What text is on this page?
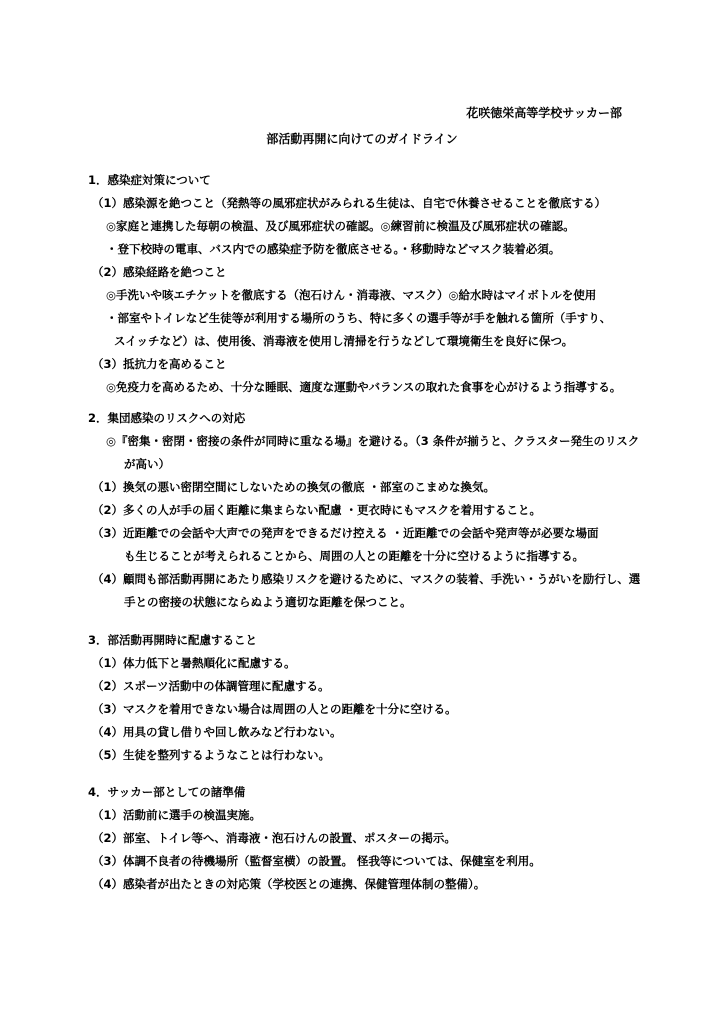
花咲徳栄高等学校サッカー部
部活動再開に向けてのガイドライン
1．感染症対策について
（1）感染源を絶つこと（発熱等の風邪症状がみられる生徒は、自宅で休養させることを徹底する）
◎家庭と連携した毎朝の検温、及び風邪症状の確認。◎練習前に検温及び風邪症状の確認。
・登下校時の電車、バス内での感染症予防を徹底させる。・移動時などマスク装着必須。
（2）感染経路を絶つこと
◎手洗いや咳エチケットを徹底する（泡石けん・消毒液、マスク）◎給水時はマイボトルを使用
・部室やトイレなど生徒等が利用する場所のうち、特に多くの選手等が手を触れる箇所（手すり、
スイッチなど）は、使用後、消毒液を使用し清掃を行うなどして環境衛生を良好に保つ。
（3）抵抗力を高めること
◎免疫力を高めるため、十分な睡眠、適度な運動やバランスの取れた食事を心がけるよう指導する。
2．集団感染のリスクへの対応
◎『密集・密閉・密接の条件が同時に重なる場』を避ける。（3 条件が揃うと、クラスター発生のリスク
が高い）
（1）換気の悪い密閉空間にしないための換気の徹底 ・部室のこまめな換気。
（2）多くの人が手の届く距離に集まらない配慮 ・更衣時にもマスクを着用すること。
（3）近距離での会話や大声での発声をできるだけ控える ・近距離での会話や発声等が必要な場面
も生じることが考えられることから、周囲の人との距離を十分に空けるように指導する。
（4）顧問も部活動再開にあたり感染リスクを避けるために、マスクの装着、手洗い・うがいを励行し、選
手との密接の状態にならぬよう適切な距離を保つこと。
3．部活動再開時に配慮すること
（1）体力低下と暑熱順化に配慮する。
（2）スポーツ活動中の体調管理に配慮する。
（3）マスクを着用できない場合は周囲の人との距離を十分に空ける。
（4）用具の貸し借りや回し飲みなど行わない。
（5）生徒を整列するようなことは行わない。
4．サッカー部としての諸準備
（1）活動前に選手の検温実施。
（2）部室、トイレ等へ、消毒液・泡石けんの設置、ポスターの掲示。
（3）体調不良者の待機場所（監督室横）の設置。 怪我等については、保健室を利用。
（4）感染者が出たときの対応策（学校医との連携、保健管理体制の整備）。
